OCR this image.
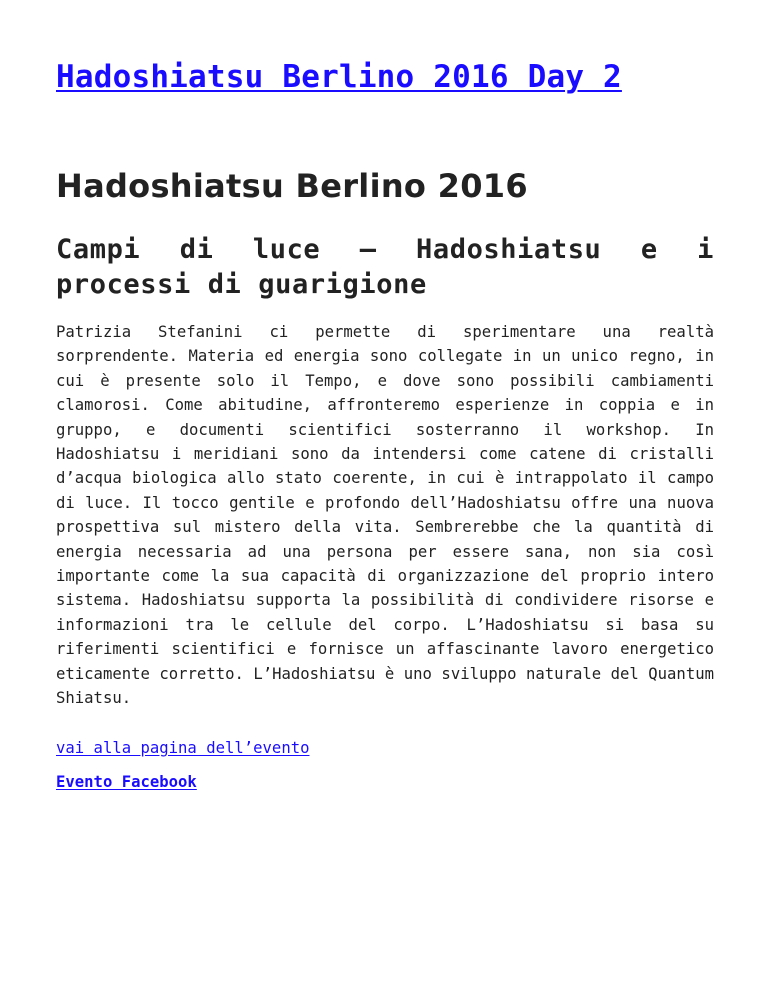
Hadoshiatsu Berlino 2016 Day 2
Hadoshiatsu Berlino 2016
Campi di luce – Hadoshiatsu e i processi di guarigione

Patrizia Stefanini ci permette di sperimentare una realtà sorprendente. Materia ed energia sono collegate in un unico regno, in cui è presente solo il Tempo, e dove sono possibili cambiamenti clamorosi. Come abitudine, affronteremo esperienze in coppia e in gruppo, e documenti scientifici sosterranno il workshop. In Hadoshiatsu i meridiani sono da intendersi come catene di cristalli d’acqua biologica allo stato coerente, in cui è intrappolato il campo di luce. Il tocco gentile e profondo dell’Hadoshiatsu offre una nuova prospettiva sul mistero della vita. Sembrerebbe che la quantità di energia necessaria ad una persona per essere sana, non sia così importante come la sua capacità di organizzazione del proprio intero sistema. Hadoshiatsu supporta la possibilità di condividere risorse e informazioni tra le cellule del corpo. L’Hadoshiatsu si basa su riferimenti scientifici e fornisce un affascinante lavoro energetico eticamente corretto. L’Hadoshiatsu è uno sviluppo naturale del Quantum Shiatsu.

vai alla pagina dell’evento

Evento Facebook
